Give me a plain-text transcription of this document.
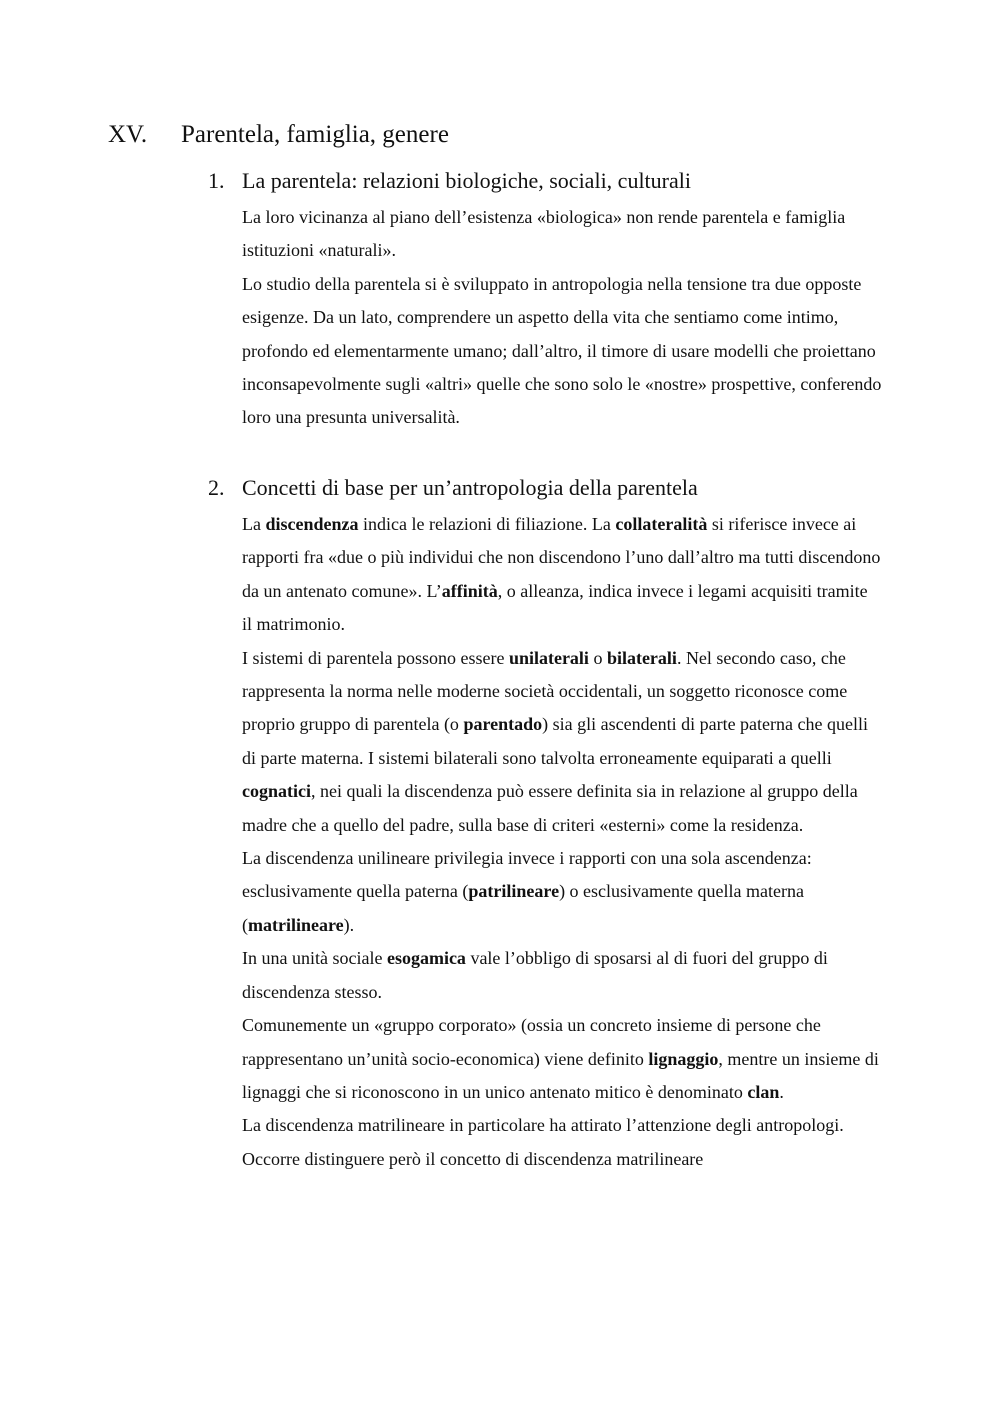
XV. Parentela, famiglia, genere
1. La parentela: relazioni biologiche, sociali, culturali

La loro vicinanza al piano dell’esistenza «biologica» non rende parentela e famiglia istituzioni «naturali».

Lo studio della parentela si è sviluppato in antropologia nella tensione tra due opposte esigenze. Da un lato, comprendere un aspetto della vita che sentiamo come intimo, profondo ed elementarmente umano; dall’altro, il timore di usare modelli che proiettano inconsapevolmente sugli «altri» quelle che sono solo le «nostre» prospettive, conferendo loro una presunta universalità.

2. Concetti di base per un’antropologia della parentela

La discendenza indica le relazioni di filiazione. La collateralità si riferisce invece ai rapporti fra «due o più individui che non discendono l’uno dall’altro ma tutti discendono da un antenato comune». L’affinità, o alleanza, indica invece i legami acquisiti tramite il matrimonio.

I sistemi di parentela possono essere unilaterali o bilaterali. Nel secondo caso, che rappresenta la norma nelle moderne società occidentali, un soggetto riconosce come proprio gruppo di parentela (o parentado) sia gli ascendenti di parte paterna che quelli di parte materna. I sistemi bilaterali sono talvolta erroneamente equiparati a quelli cognatici, nei quali la discendenza può essere definita sia in relazione al gruppo della madre che a quello del padre, sulla base di criteri «esterni» come la residenza.

La discendenza unilineare privilegia invece i rapporti con una sola ascendenza: esclusivamente quella paterna (patrilineare) o esclusivamente quella materna (matrilineare).

In una unità sociale esogamica vale l’obbligo di sposarsi al di fuori del gruppo di discendenza stesso.

Comunemente un «gruppo corporato» (ossia un concreto insieme di persone che rappresentano un’unità socio-economica) viene definito lignaggio, mentre un insieme di lignaggi che si riconoscono in un unico antenato mitico è denominato clan.

La discendenza matrilineare in particolare ha attirato l’attenzione degli antropologi. Occorre distinguere però il concetto di discendenza matrilineare
